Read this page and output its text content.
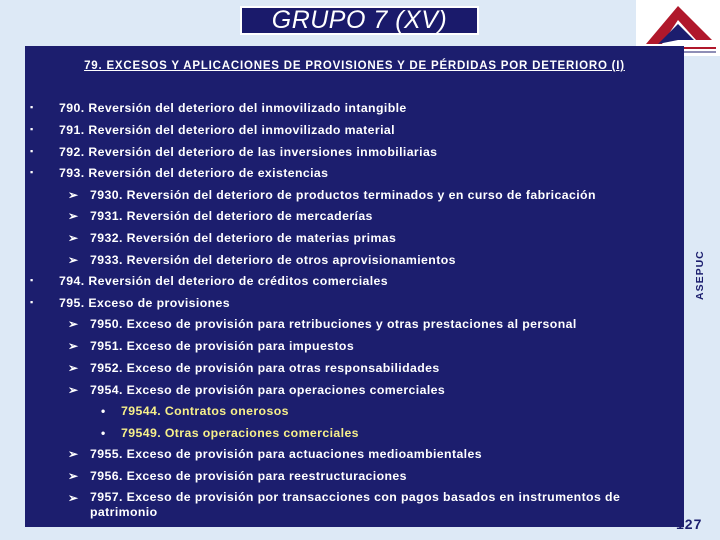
GRUPO 7 (XV)
79. EXCESOS Y APLICACIONES DE PROVISIONES Y DE PÉRDIDAS POR DETERIORO (I)
▪	790. Reversión del deterioro del inmovilizado intangible
▪	791. Reversión del deterioro del inmovilizado material
▪	792. Reversión del deterioro de las inversiones inmobiliarias
▪	793. Reversión del deterioro de existencias
➢ 7930. Reversión del deterioro de productos terminados y en curso de fabricación
➢ 7931. Reversión del deterioro de mercaderías
➢ 7932. Reversión del deterioro de materias primas
➢ 7933. Reversión del deterioro de otros aprovisionamientos
▪	794. Reversión del deterioro de créditos comerciales
▪	795. Exceso de provisiones
➢ 7950. Exceso de provisión para retribuciones y otras prestaciones al personal
➢ 7951. Exceso de provisión para impuestos
➢ 7952. Exceso de provisión para otras responsabilidades
➢ 7954. Exceso de provisión para operaciones comerciales
• 79544. Contratos onerosos
• 79549. Otras operaciones comerciales
➢ 7955. Exceso de provisión para actuaciones medioambientales
➢ 7956. Exceso de provisión para reestructuraciones
➢ 7957. Exceso de provisión por transacciones con pagos basados en instrumentos de patrimonio
ASEPUC
127
